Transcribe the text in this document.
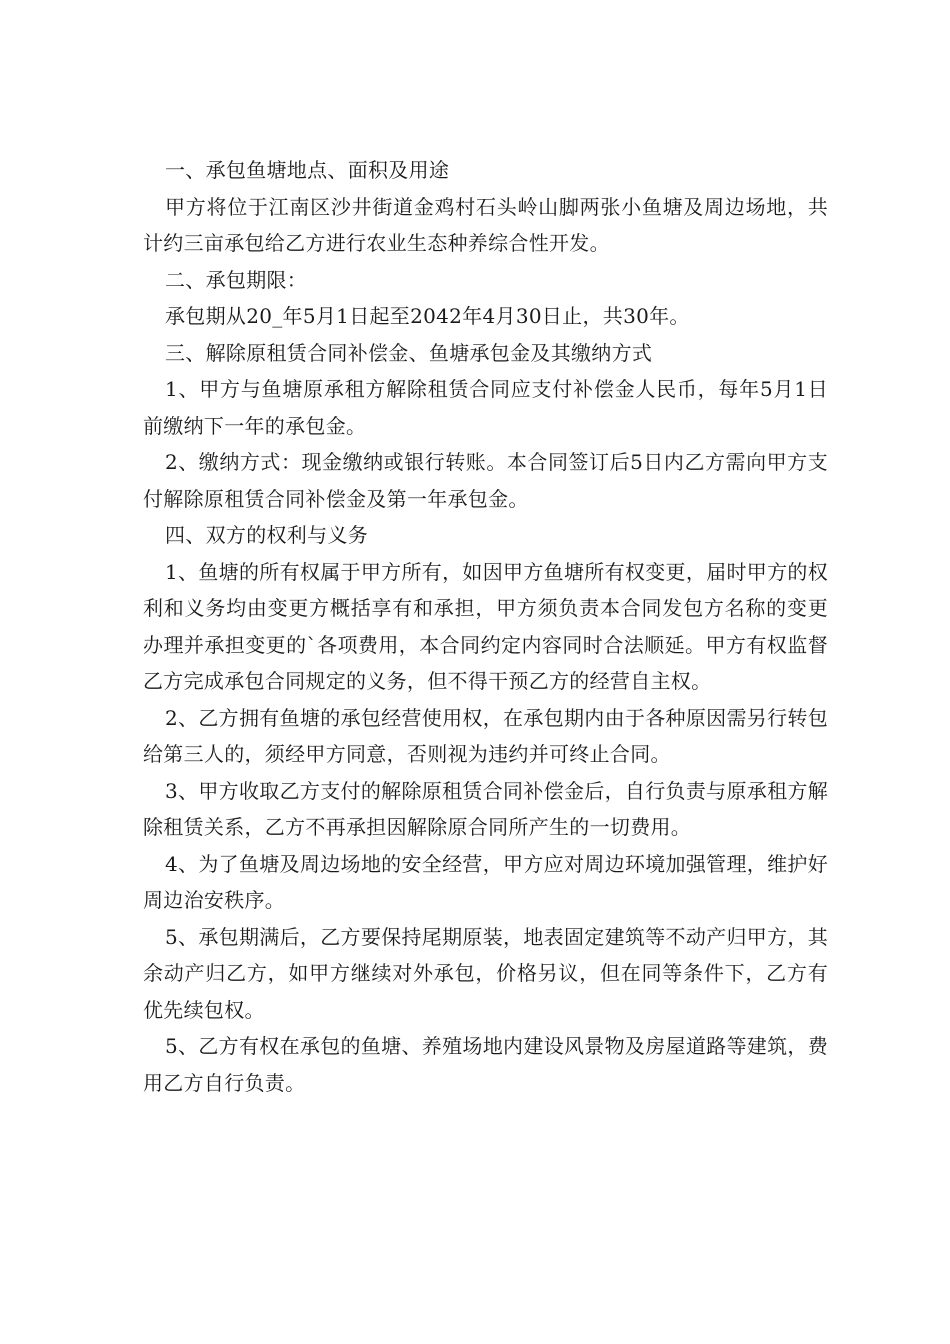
一、承包鱼塘地点、面积及用途

甲方将位于江南区沙井街道金鸡村石头岭山脚两张小鱼塘及周边场地，共计约三亩承包给乙方进行农业生态种养综合性开发。

二、承包期限：

承包期从20_年5月1日起至2042年4月30日止，共30年。

三、解除原租赁合同补偿金、鱼塘承包金及其缴纳方式

1、甲方与鱼塘原承租方解除租赁合同应支付补偿金人民币，每年5月1日前缴纳下一年的承包金。

2、缴纳方式：现金缴纳或银行转账。本合同签订后5日内乙方需向甲方支付解除原租赁合同补偿金及第一年承包金。

四、双方的权利与义务

1、鱼塘的所有权属于甲方所有，如因甲方鱼塘所有权变更，届时甲方的权利和义务均由变更方概括享有和承担，甲方须负责本合同发包方名称的变更办理并承担变更的`各项费用，本合同约定内容同时合法顺延。甲方有权监督乙方完成承包合同规定的义务，但不得干预乙方的经营自主权。

2、乙方拥有鱼塘的承包经营使用权，在承包期内由于各种原因需另行转包给第三人的，须经甲方同意，否则视为违约并可终止合同。

3、甲方收取乙方支付的解除原租赁合同补偿金后，自行负责与原承租方解除租赁关系，乙方不再承担因解除原合同所产生的一切费用。

4、为了鱼塘及周边场地的安全经营，甲方应对周边环境加强管理，维护好周边治安秩序。

5、承包期满后，乙方要保持尾期原装，地表固定建筑等不动产归甲方，其余动产归乙方，如甲方继续对外承包，价格另议，但在同等条件下，乙方有优先续包权。

5、乙方有权在承包的鱼塘、养殖场地内建设风景物及房屋道路等建筑，费用乙方自行负责。
